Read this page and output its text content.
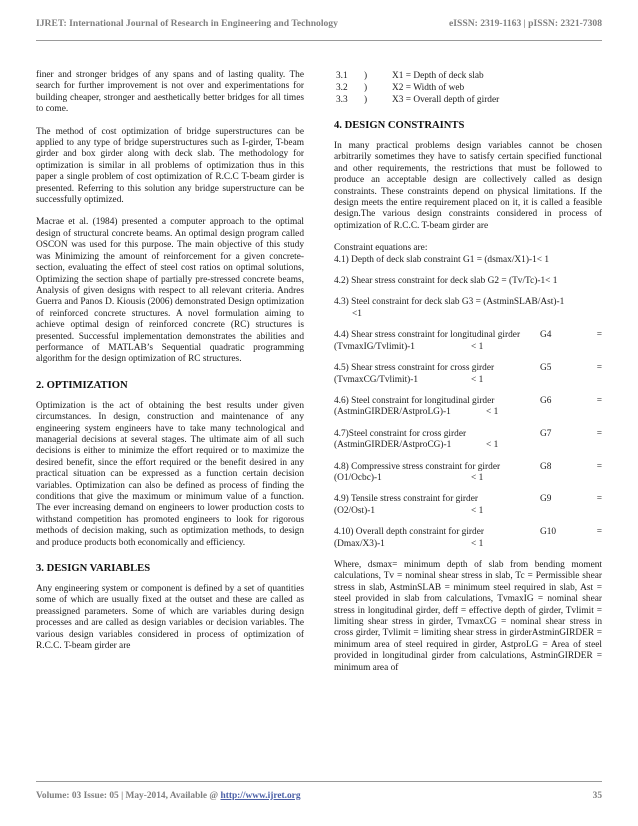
IJRET: International Journal of Research in Engineering and Technology	eISSN: 2319-1163 | pISSN: 2321-7308

finer and stronger bridges of any spans and of lasting quality. The search for further improvement is not over and experimentations for building cheaper, stronger and aesthetically better bridges for all times to come.

The method of cost optimization of bridge superstructures can be applied to any type of bridge superstructures such as I-girder, T-beam girder and box girder along with deck slab. The methodology for optimization is similar in all problems of optimization thus in this paper a single problem of cost optimization of R.C.C T-beam girder is presented. Referring to this solution any bridge superstructure can be successfully optimized.

Macrae et al. (1984) presented a computer approach to the optimal design of structural concrete beams. An optimal design program called OSCON was used for this purpose. The main objective of this study was Minimizing the amount of reinforcement for a given concrete-section, evaluating the effect of steel cost ratios on optimal solutions, Optimizing the section shape of partially pre-stressed concrete beams, Analysis of given designs with respect to all relevant criteria. Andres Guerra and Panos D. Kiousis (2006) demonstrated Design optimization of reinforced concrete structures. A novel formulation aiming to achieve optimal design of reinforced concrete (RC) structures is presented. Successful implementation demonstrates the abilities and performance of MATLAB’s Sequential quadratic programming algorithm for the design optimization of RC structures.

2. OPTIMIZATION

Optimization is the act of obtaining the best results under given circumstances. In design, construction and maintenance of any engineering system engineers have to take many technological and managerial decisions at several stages. The ultimate aim of all such decisions is either to minimize the effort required or to maximize the desired benefit, since the effort required or the benefit desired in any practical situation can be expressed as a function certain decision variables. Optimization can also be defined as process of finding the conditions that give the maximum or minimum value of a function. The ever increasing demand on engineers to lower production costs to withstand competition has promoted engineers to look for rigorous methods of decision making, such as optimization methods, to design and produce products both economically and efficiency.

3. DESIGN VARIABLES

Any engineering system or component is defined by a set of quantities some of which are usually fixed at the outset and these are called as preassigned parameters. Some of which are variables during design processes and are called as design variables or decision variables. The various design variables considered in process of optimization of R.C.C. T-beam girder are

3.1	)	X1 = Depth of deck slab
3.2	)	X2 = Width of web
3.3	)	X3 = Overall depth of girder
4. DESIGN CONSTRAINTS

In many practical problems design variables cannot be chosen arbitrarily sometimes they have to satisfy certain specified functional and other requirements, the restrictions that must be followed to produce an acceptable design are collectively called as design constraints. These constraints depend on physical limitations. If the design meets the entire requirement placed on it, it is called a feasible design.The various design constraints considered in process of optimization of R.C.C. T-beam girder are

Constraint equations are:
4.1) Depth of deck slab constraint G1 = (dsmax/X1)-1< 1
4.2) Shear stress constraint for deck slab G2 = (Tv/Tc)-1< 1
4.3) Steel constraint for deck slab G3 = (AstminSLAB/Ast)-1
<1
4.4) Shear stress constraint for longitudinal girder G4	=
(TvmaxIG/Tvlimit)-1	< 1
4.5) Shear stress constraint for cross girder	G5	=
(TvmaxCG/Tvlimit)-1	< 1
4.6) Steel constraint for longitudinal girder	G6	=
(AstminGIRDER/AstproLG)-1	< 1
4.7)Steel constraint for cross girder	G7	=
(AstminGIRDER/AstproCG)-1	< 1
4.8) Compressive stress constraint for girder	G8	=
(O1/Ocbc)-1	< 1
4.9) Tensile stress constraint for girder	G9	=
(O2/Ost)-1	< 1
4.10) Overall depth constraint for girder	G10	=
(Dmax/X3)-1	< 1

Where, dsmax= minimum depth of slab from bending moment calculations, Tv = nominal shear stress in slab, Tc = Permissible shear stress in slab, AstminSLAB = minimum steel required in slab, Ast = steel provided in slab from calculations, TvmaxIG = nominal shear stress in longitudinal girder, deff = effective depth of girder, Tvlimit = limiting shear stress in girder, TvmaxCG = nominal shear stress in cross girder, Tvlimit = limiting shear stress in girderAstminGIRDER = minimum area of steel required in girder, AstproLG = Area of steel provided in longitudinal girder from calculations, AstminGIRDER = minimum area of

Volume: 03 Issue: 05 | May-2014, Available @ http://www.ijret.org	35
